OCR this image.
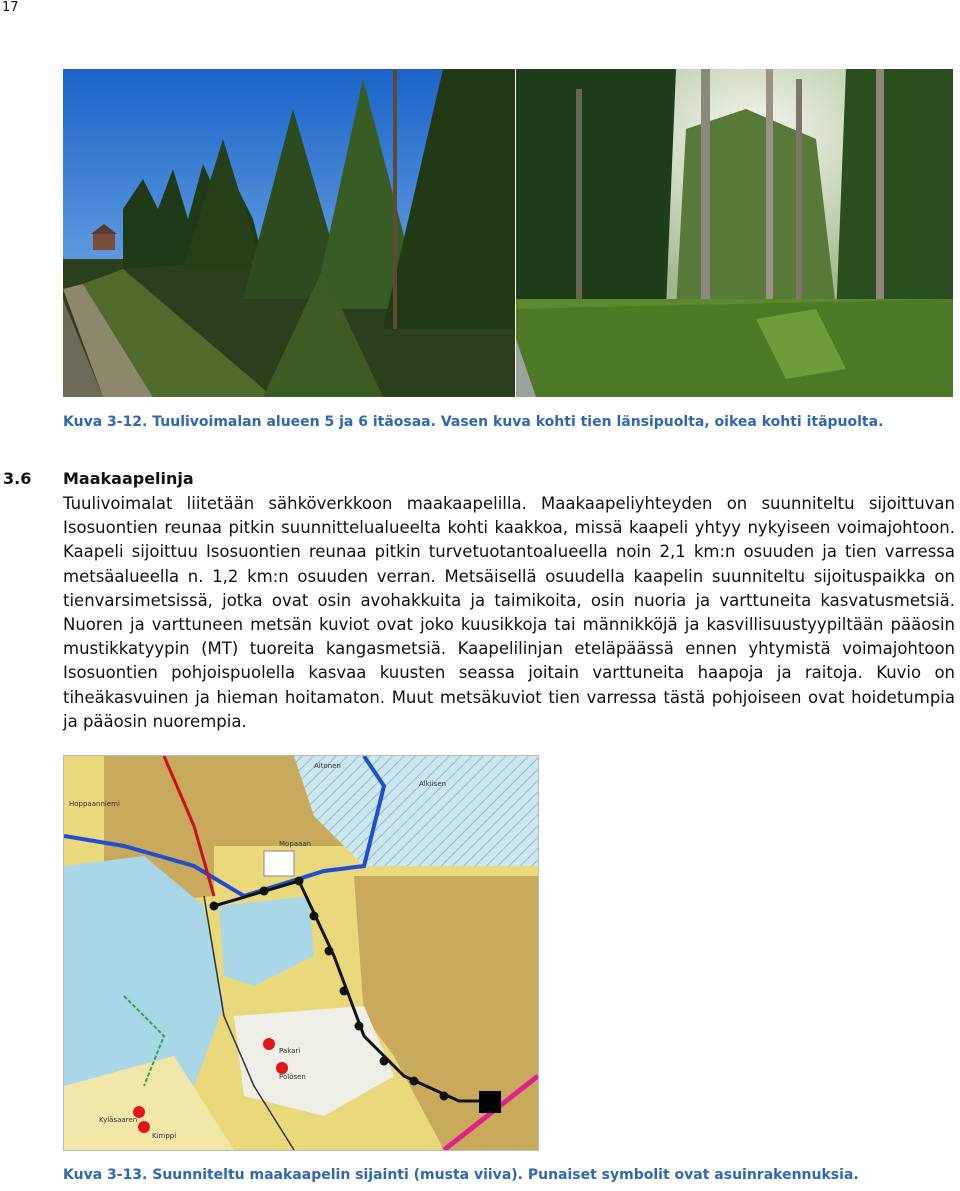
17
Kuva 3-12. Tuulivoimalan alueen 5 ja 6 itäosaa. Vasen kuva kohti tien länsipuolta, oikea kohti itäpuolta.
3.6 Maakaapelinja
Tuulivoimalat liitetään sähköverkkoon maakaapelilla. Maakaapeliyhteyden on suunniteltu sijoittuvan Isosuontien reunaa pitkin suunnittelualueelta kohti kaakkoa, missä kaapeli yhtyy nykyiseen voimajohtoon. Kaapeli sijoittuu Isosuontien reunaa pitkin turvetuotantoalueella noin 2,1 km:n osuuden ja tien varressa metsäalueella n. 1,2 km:n osuuden verran. Metsäisellä osuudella kaapelin suunniteltu sijoituspaikka on tienvarsimetsissä, jotka ovat osin avohakkuita ja taimikoita, osin nuoria ja varttuneita kasvatusmetsiä. Nuoren ja varttuneen metsän kuviot ovat joko kuusikkoja tai männikköjä ja kasvillisuustyypiltään pääosin mustikkatyypin (MT) tuoreita kangasmetsiä. Kaapelilinjan eteläpäässä ennen yhtymistä voimajohtoon Isosuontien pohjoispuolella kasvaa kuusten seassa joitain varttuneita haapoja ja raitoja. Kuvio on tiheäkasvuinen ja hieman hoitamaton. Muut metsäkuviot tien varressa tästä pohjoiseen ovat hoidetumpia ja pääosin nuorempia.
Hoppaanniemi
Mopaaan
Alkiisen
Aitonen
Pakari
Pölösen
Kyläsaaren
Kimppi
Kuva 3-13. Suunniteltu maakaapelin sijainti (musta viiva). Punaiset symbolit ovat asuinrakennuksia.
